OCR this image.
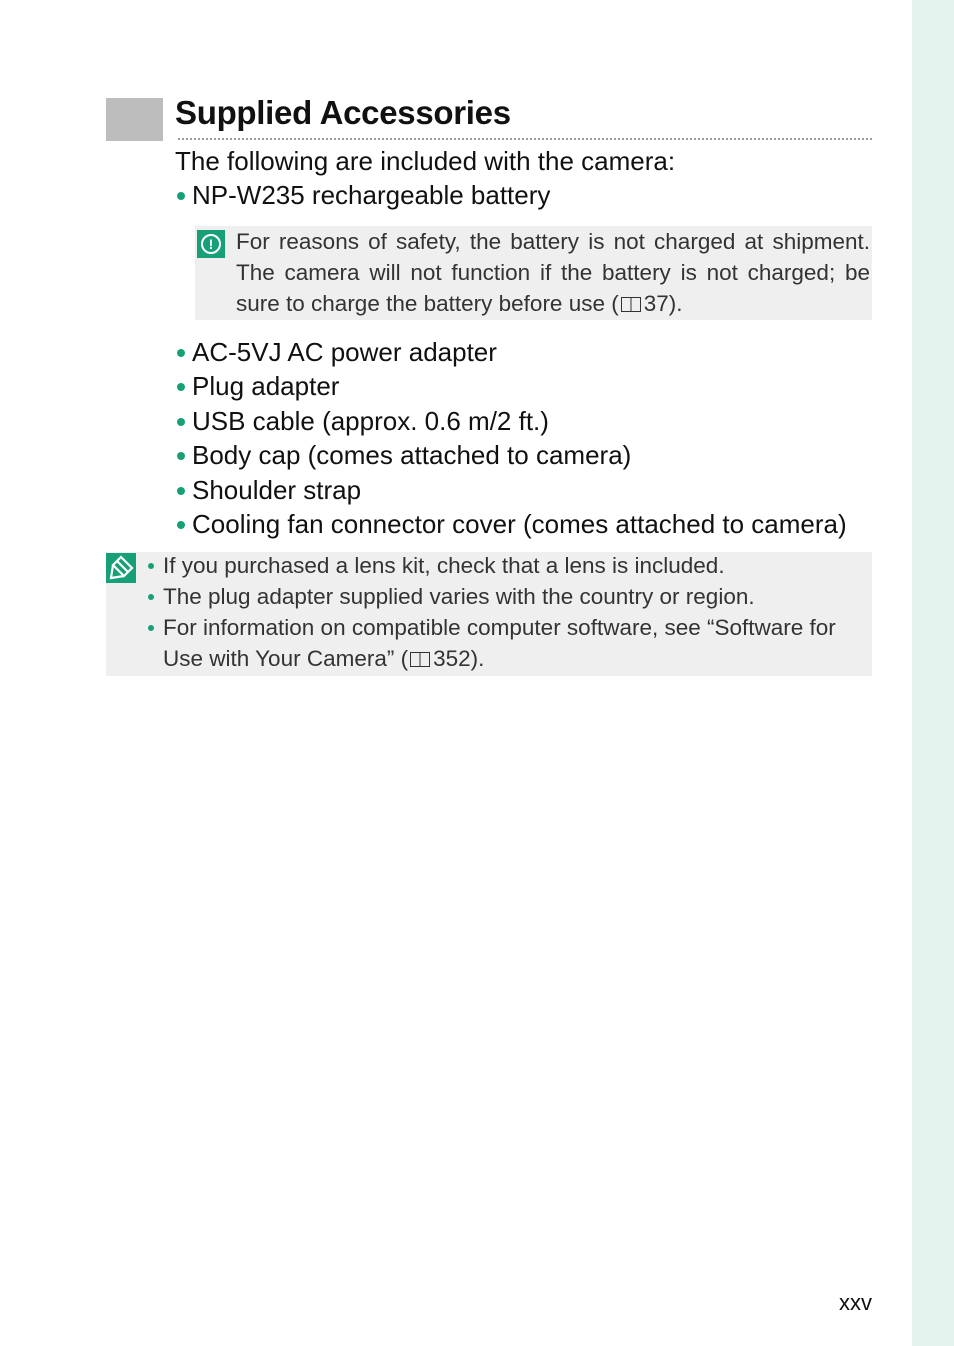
Supplied Accessories
The following are included with the camera:
NP-W235 rechargeable battery
!	For reasons of safety, the battery is not charged at shipment. The camera will not function if the battery is not charged; be sure to charge the battery before use ( 37).
AC-5VJ AC power adapter
Plug adapter
USB cable (approx. 0.6 m/2 ft.)
Body cap (comes attached to camera)
Shoulder strap
Cooling fan connector cover (comes attached to camera)
If you purchased a lens kit, check that a lens is included.
The plug adapter supplied varies with the country or region.
For information on compatible computer software, see “Software for Use with Your Camera” ( 352).
xxv
